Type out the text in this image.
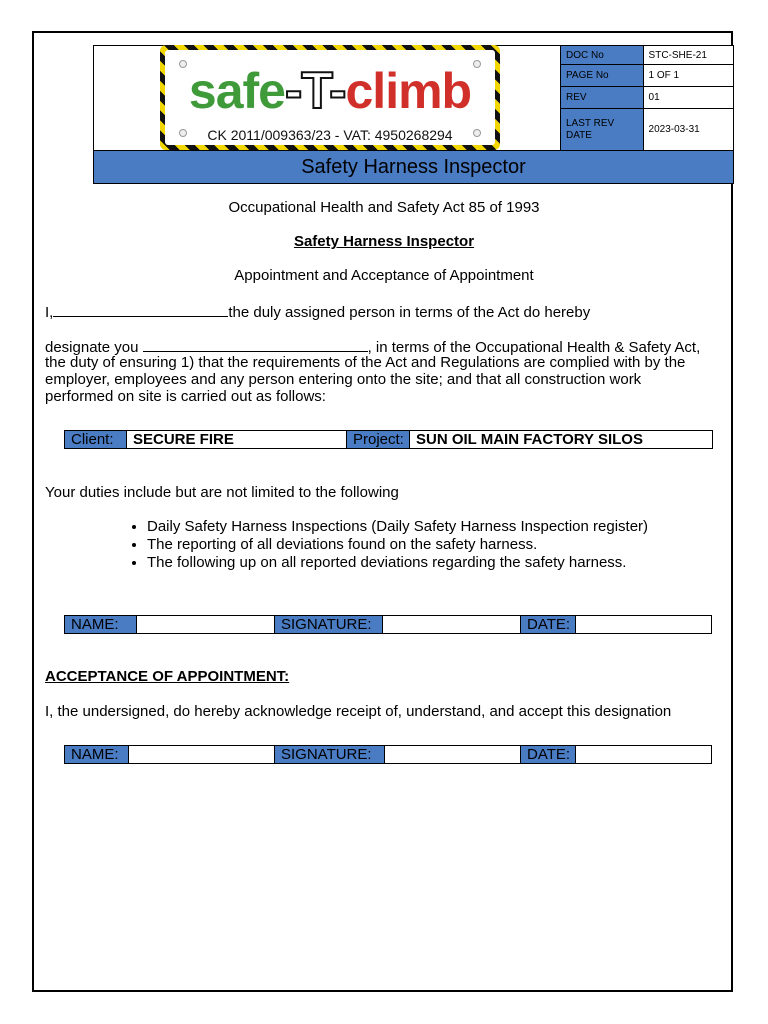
safe-T-climb
CK 2011/009363/23 - VAT: 4950268294
DOC No	STC-SHE-21
PAGE No	1 OF 1
REV	01
LAST REV DATE	2023-03-31
Safety Harness Inspector
Occupational Health and Safety Act 85 of 1993
Safety Harness Inspector
Appointment and Acceptance of Appointment
I,	the duly assigned person in terms of the Act do hereby
designate you	, in terms of the Occupational Health & Safety Act,
the duty of ensuring 1) that the requirements of the Act and Regulations are complied with by the
employer, employees and any person entering onto the site; and that all construction work
performed on site is carried out as follows:
Client:	SECURE FIRE	Project: SUN OIL MAIN FACTORY SILOS
Your duties include but are not limited to the following
• Daily Safety Harness Inspections (Daily Safety Harness Inspection register)
• The reporting of all deviations found on the safety harness.
• The following up on all reported deviations regarding the safety harness.
NAME:	SIGNATURE:	DATE:
ACCEPTANCE OF APPOINTMENT:
I, the undersigned, do hereby acknowledge receipt of, understand, and accept this designation
NAME:	SIGNATURE:	DATE:
